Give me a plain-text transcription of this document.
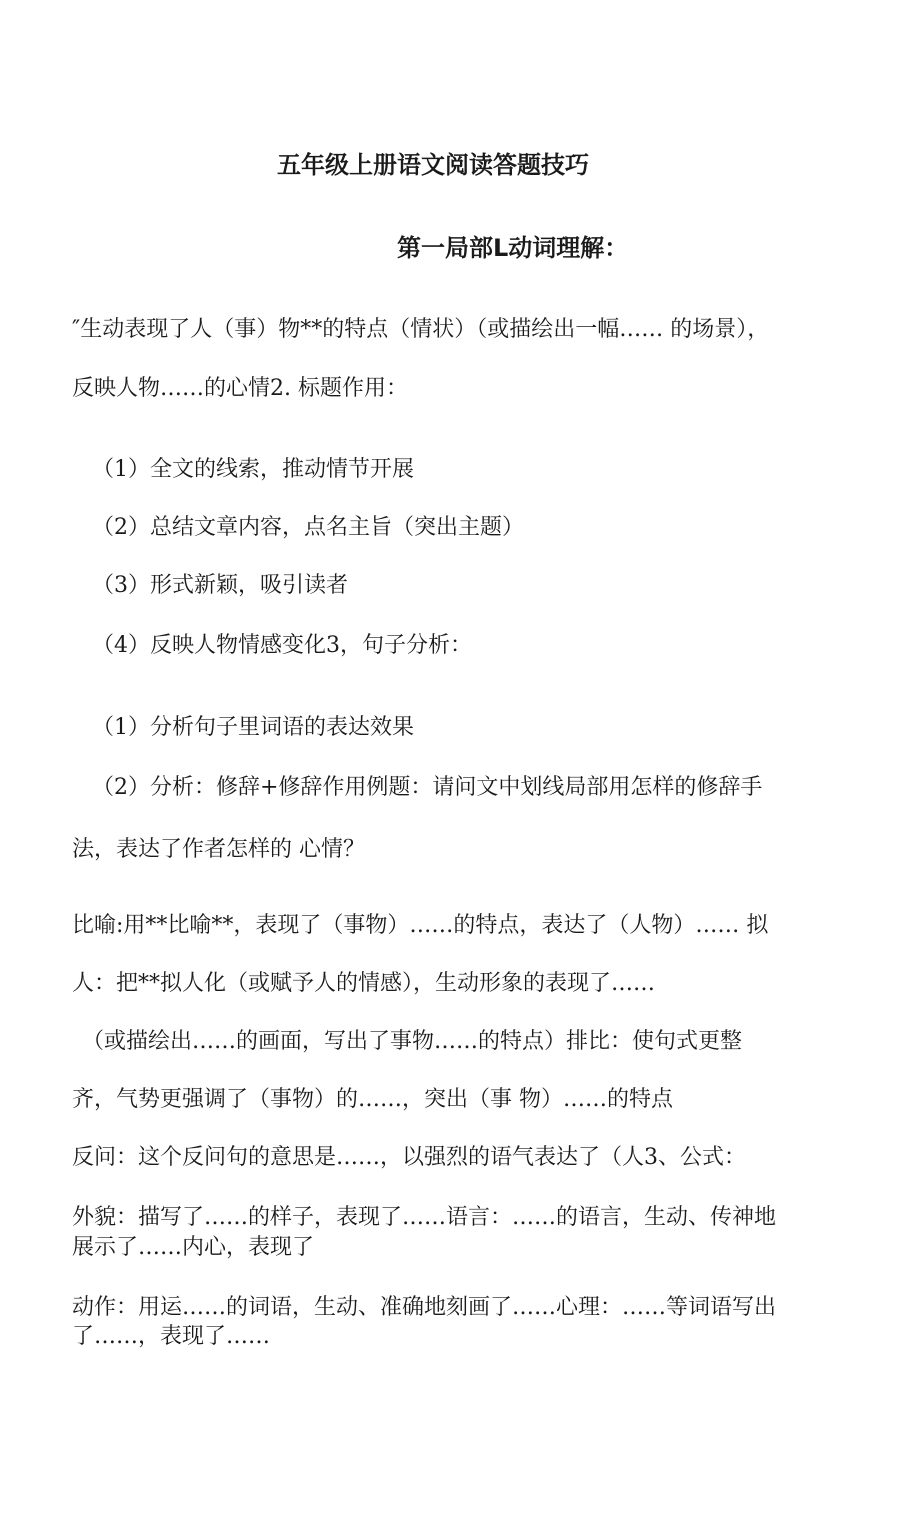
五年级上册语文阅读答题技巧
第一局部L动词理解：
″生动表现了人（事）物**的特点（情状）（或描绘出一幅…… 的场景），
反映人物……的心情2. 标题作用：
（1）全文的线索，推动情节开展
（2）总结文章内容，点名主旨（突出主题）
（3）形式新颖，吸引读者
（4）反映人物情感变化3，句子分析：
（1）分析句子里词语的表达效果
（2）分析：修辞+修辞作用例题：请问文中划线局部用怎样的修辞手
法，表达了作者怎样的 心情？
比喻:用**比喻**，表现了（事物）……的特点，表达了（人物）…… 拟
人：把**拟人化（或赋予人的情感），生动形象的表现了……
（或描绘出……的画面，写出了事物……的特点）排比：使句式更整
齐，气势更强调了（事物）的……，突出（事 物）……的特点
反问：这个反问句的意思是……，以强烈的语气表达了（人3、公式：
外貌：描写了……的样子，表现了……语言：……的语言，生动、传神地
展示了……内心，表现了
动作：用运……的词语，生动、准确地刻画了……心理：……等词语写出
了……，表现了……
